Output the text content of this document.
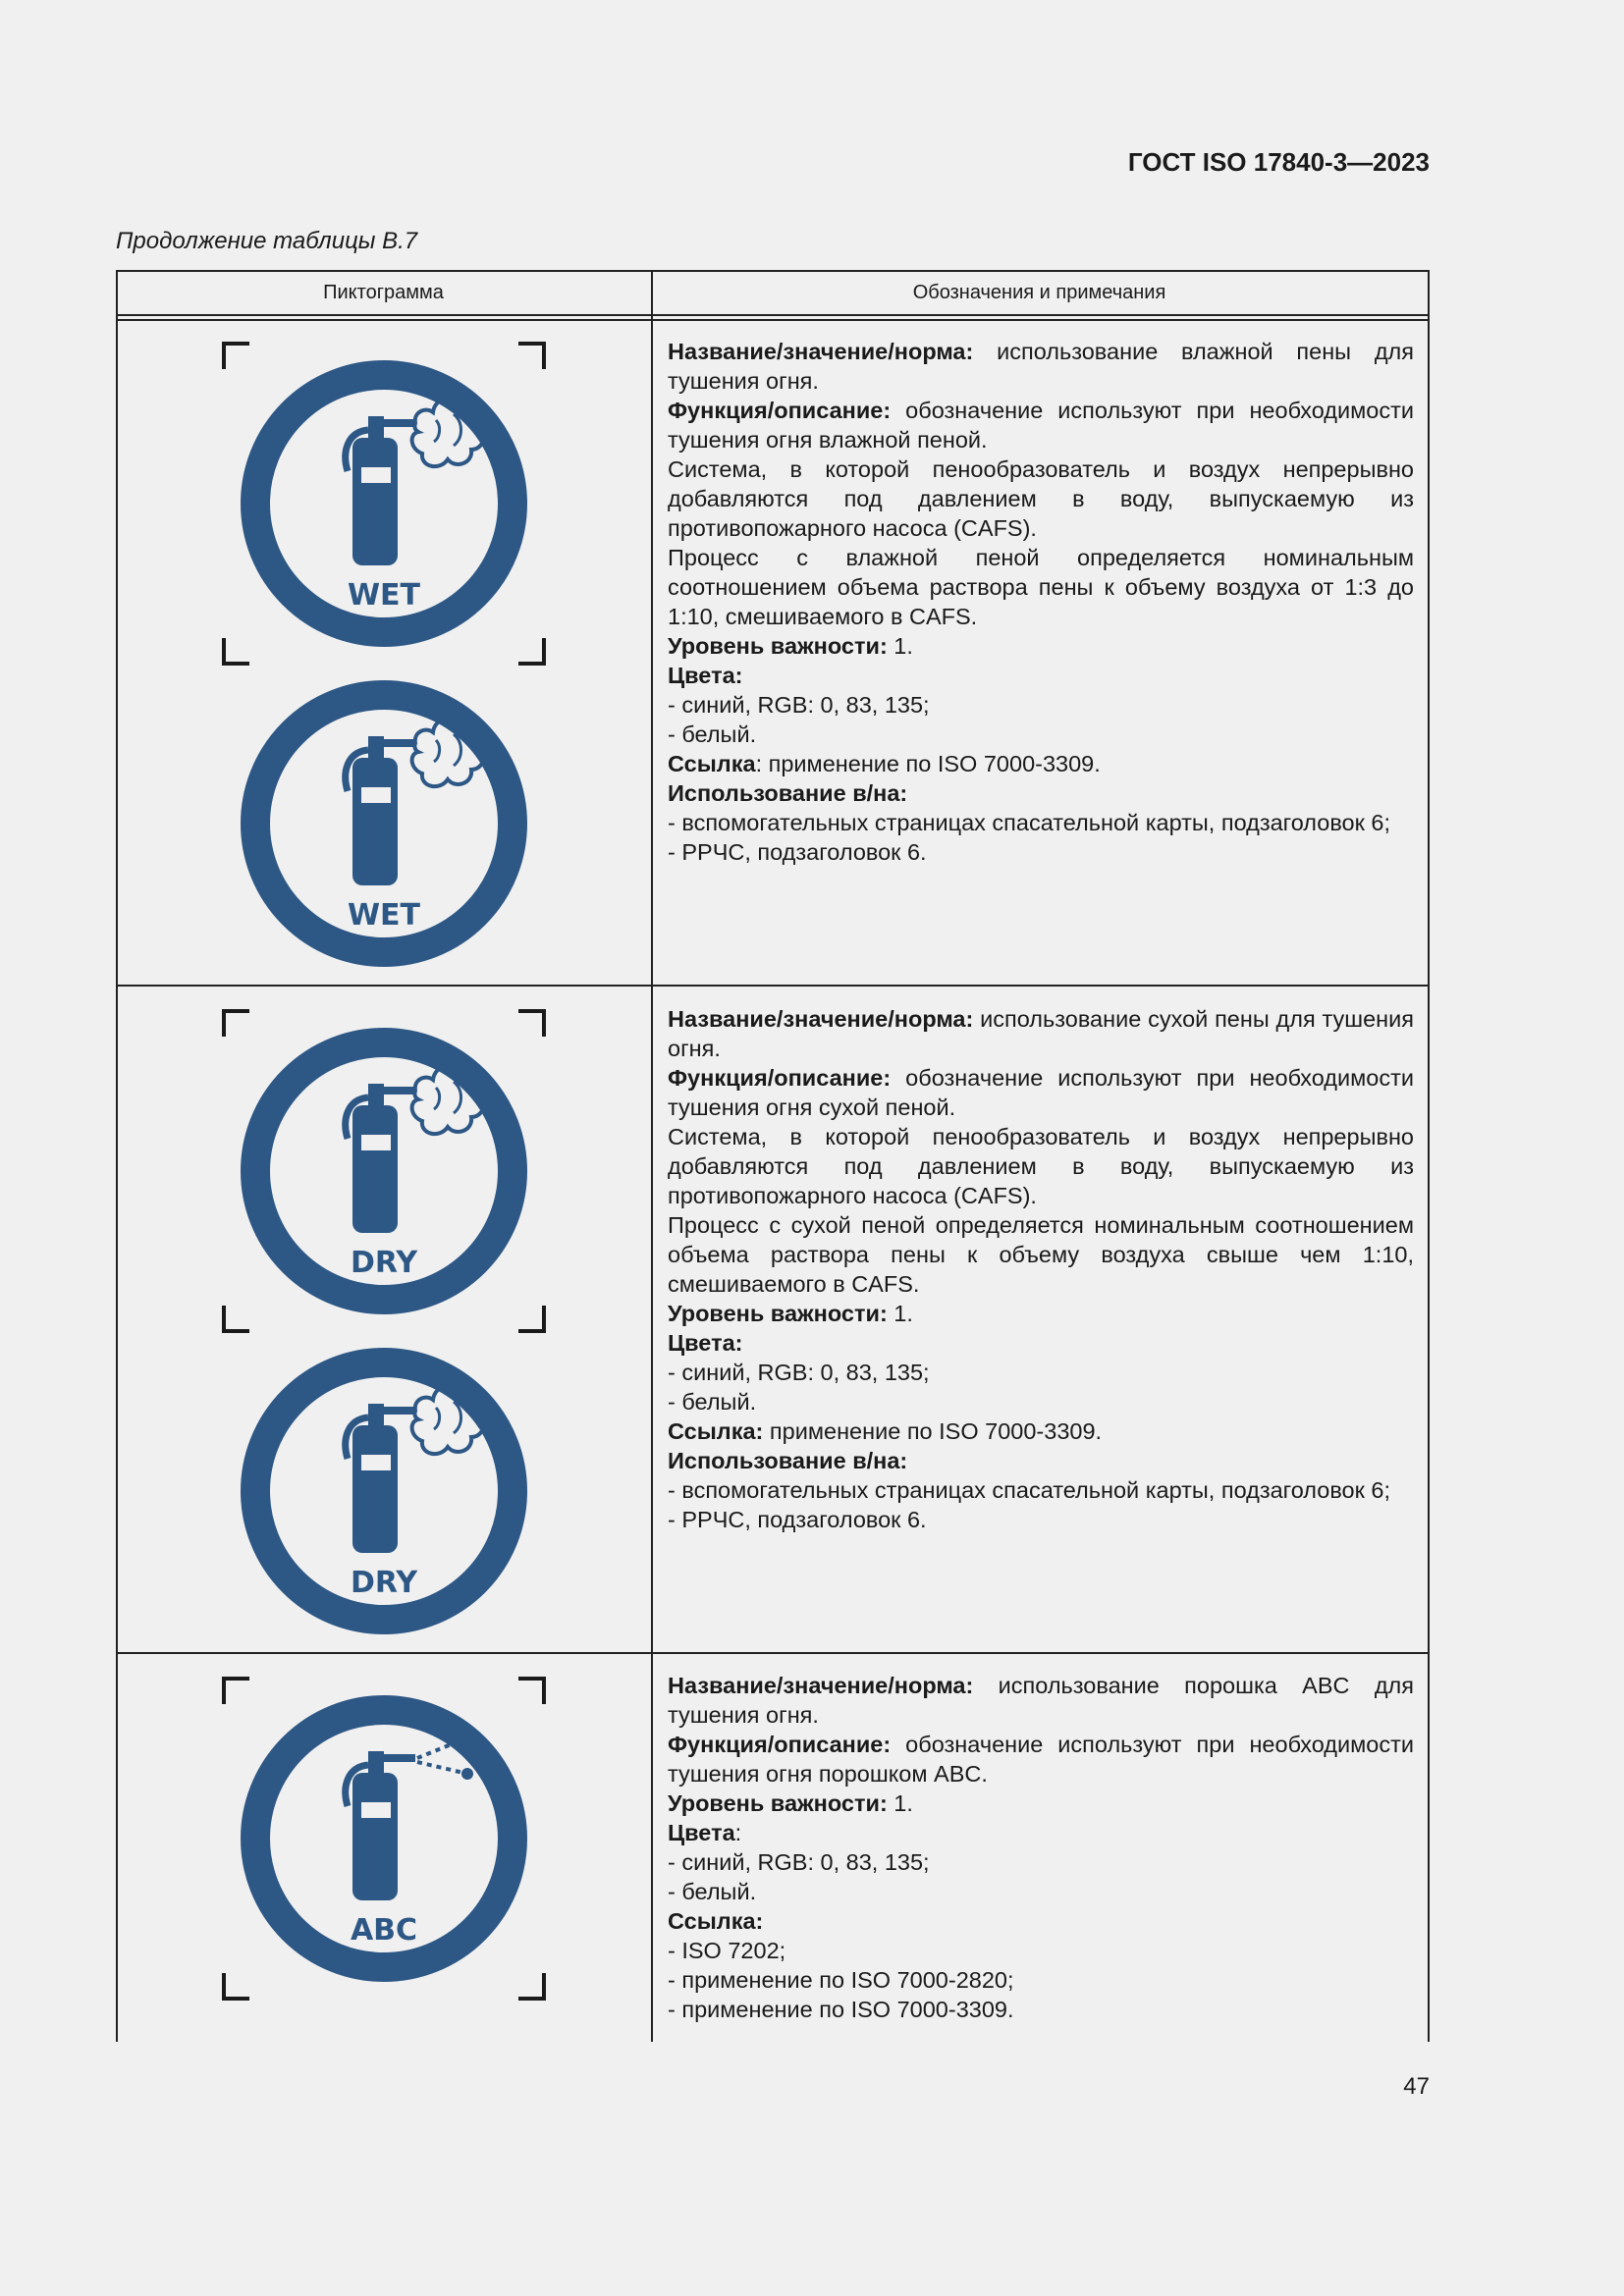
ГОСТ ISO 17840-3—2023
Продолжение таблицы В.7
Пиктограмма	Обозначения и примечания
WET
WET

Название/значение/норма: использование влажной пены для тушения огня.

Функция/описание: обозначение используют при необходимости тушения огня влажной пеной.

Система, в которой пенообразователь и воздух непрерывно добавляются под давлением в воду, выпускаемую из противопожарного насоса (CAFS).

Процесс с влажной пеной определяется номинальным соотношением объема раствора пены к объему воздуха от 1:3 до 1:10, смешиваемого в CAFS.

Уровень важности: 1.

Цвета:

- синий, RGB: 0, 83, 135;

- белый.

Ссылка: применение по ISO 7000-3309.

Использование в/на:

- вспомогательных страницах спасательной карты, подзаголовок 6;

- РРЧС, подзаголовок 6.

DRY
DRY

Название/значение/норма: использование сухой пены для тушения огня.

Функция/описание: обозначение используют при необходимости тушения огня сухой пеной.

Система, в которой пенообразователь и воздух непрерывно добавляются под давлением в воду, выпускаемую из противопожарного насоса (CAFS).

Процесс с сухой пеной определяется номинальным соотношением объема раствора пены к объему воздуха свыше чем 1:10, смешиваемого в CAFS.

Уровень важности: 1.

Цвета:

- синий, RGB: 0, 83, 135;

- белый.

Ссылка: применение по ISO 7000-3309.

Использование в/на:

- вспомогательных страницах спасательной карты, подзаголовок 6;

- РРЧС, подзаголовок 6.

ABC

Название/значение/норма: использование порошка ABC для тушения огня.

Функция/описание: обозначение используют при необходимости тушения огня порошком ABC.

Уровень важности: 1.

Цвета:

- синий, RGB: 0, 83, 135;

- белый.

Ссылка:

- ISO 7202;

- применение по ISO 7000-2820;

- применение по ISO 7000-3309.

47
